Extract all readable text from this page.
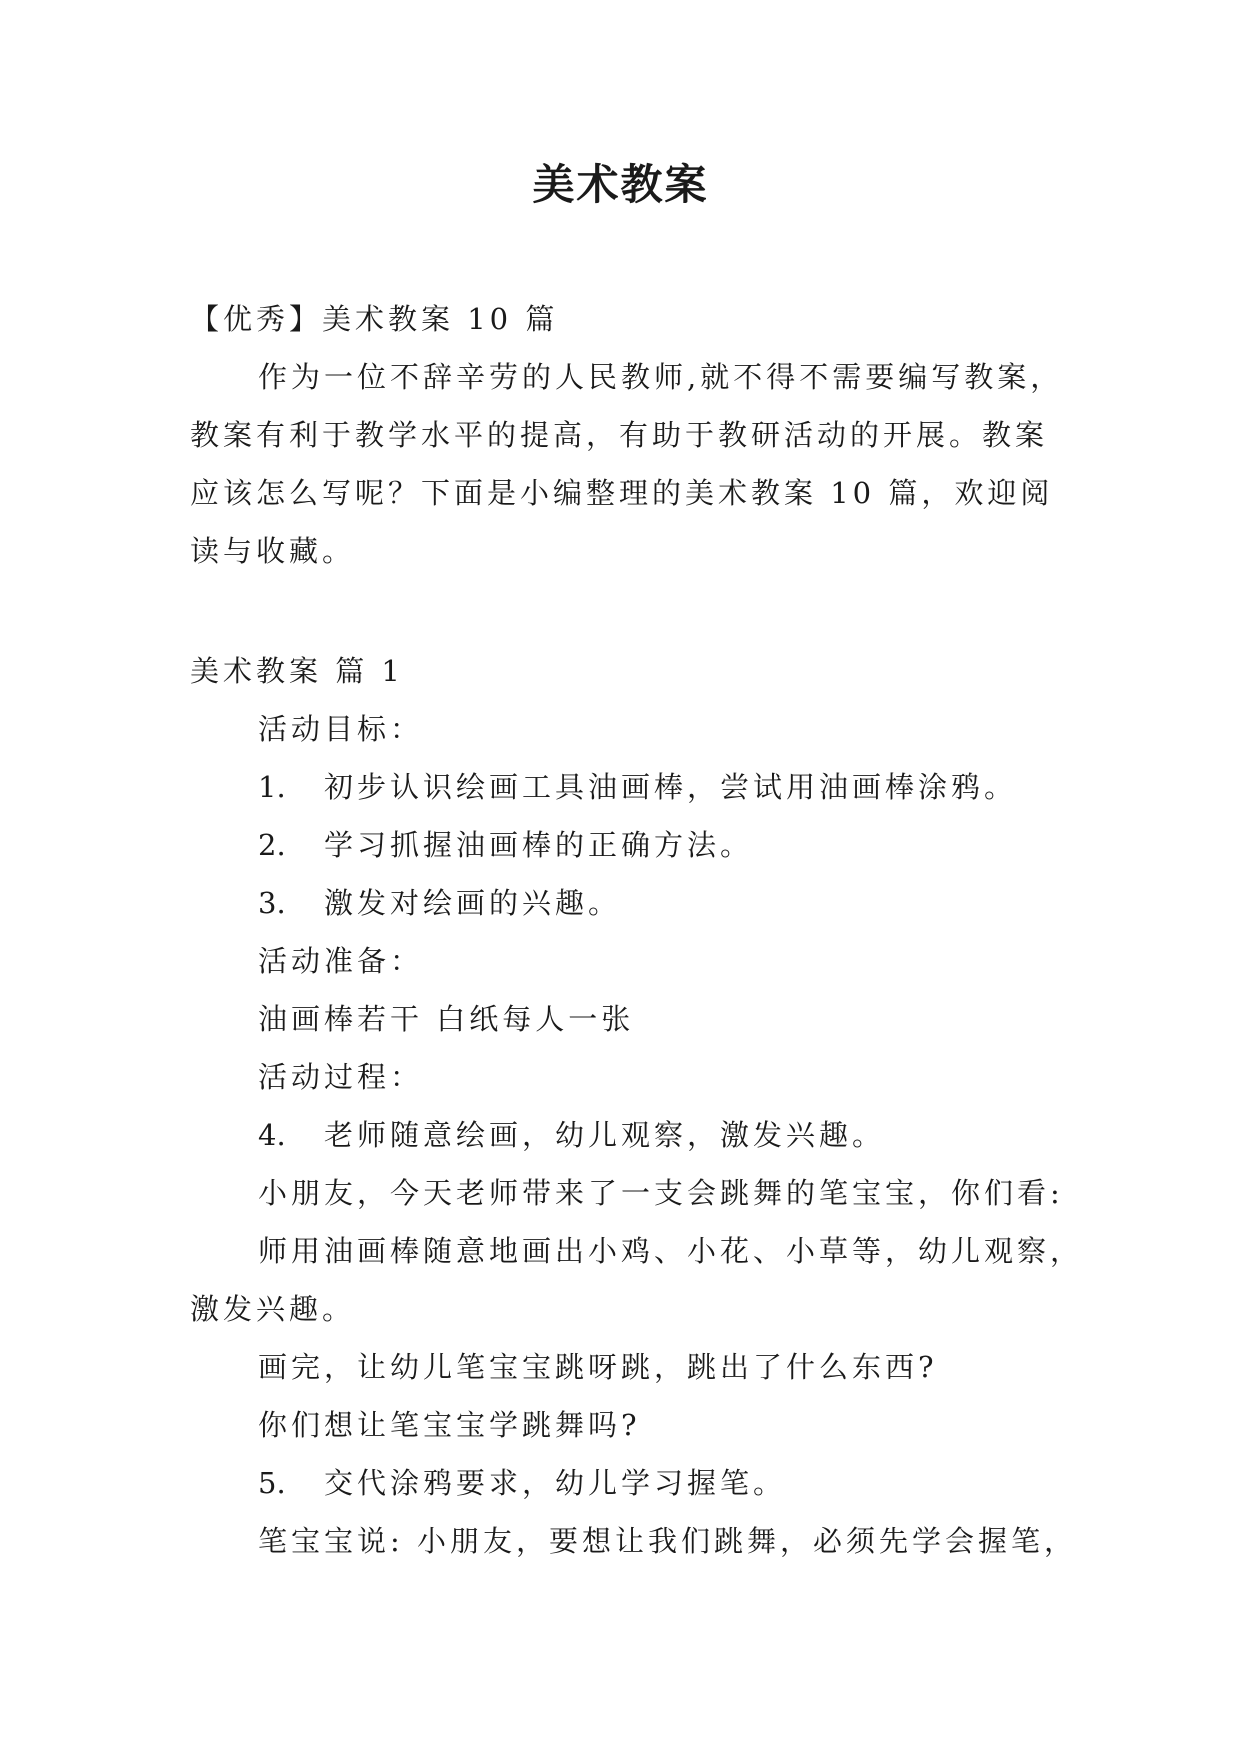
美术教案
【优秀】美术教案 10 篇
作为一位不辞辛劳的人民教师,就不得不需要编写教案，
教案有利于教学水平的提高，有助于教研活动的开展。教案
应该怎么写呢？下面是小编整理的美术教案 10 篇，欢迎阅
读与收藏。
美术教案 篇 1
活动目标：
1. 初步认识绘画工具油画棒，尝试用油画棒涂鸦。
2. 学习抓握油画棒的正确方法。
3. 激发对绘画的兴趣。
活动准备：
油画棒若干 白纸每人一张
活动过程：
4. 老师随意绘画，幼儿观察，激发兴趣。
小朋友，今天老师带来了一支会跳舞的笔宝宝，你们看:
师用油画棒随意地画出小鸡、小花、小草等，幼儿观察，
激发兴趣。
画完，让幼儿笔宝宝跳呀跳，跳出了什么东西?
你们想让笔宝宝学跳舞吗?
5. 交代涂鸦要求，幼儿学习握笔。
笔宝宝说: 小朋友，要想让我们跳舞，必须先学会握笔，
